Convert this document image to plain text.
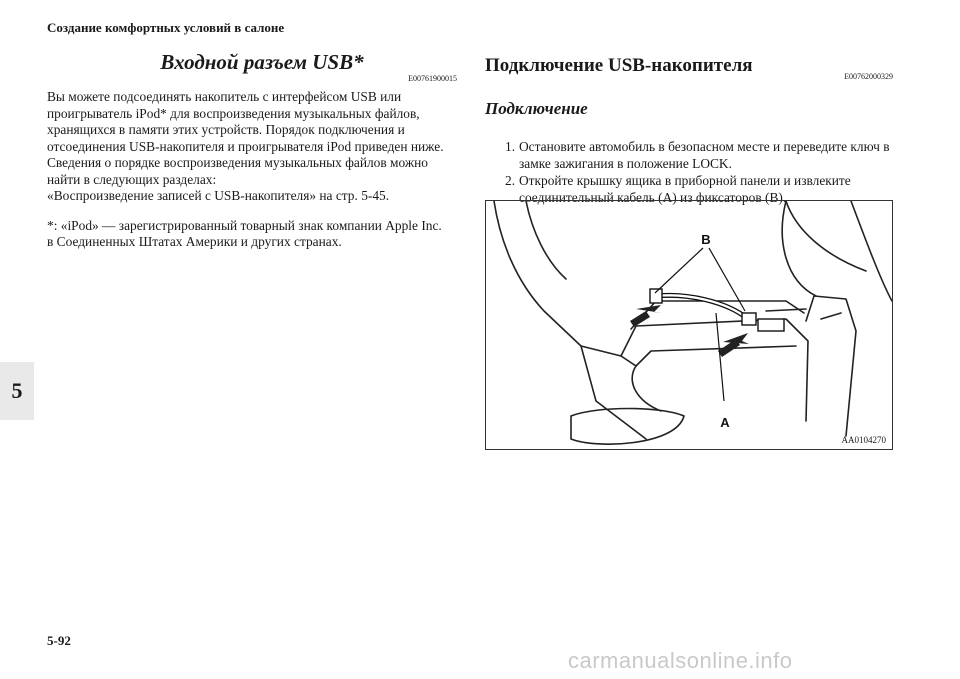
Создание комфортных условий в салоне
5
Входной разъем USB*
E00761900015

Вы можете подсоединять накопитель с интерфейсом USB или проигрыватель iPod* для воспроизведения музыкальных файлов, хранящихся в памяти этих устройств. Порядок подключения и отсоединения USB-накопителя и проигрывателя iPod приведен ниже. Сведения о порядке воспроизведения музыкальных файлов можно найти в следующих разделах:
«Воспроизведение записей с USB-накопителя» на стр. 5-45.

*: «iPod» — зарегистрированный товарный знак компании Apple Inc.
в Соединенных Штатах Америки и других странах.

Подключение USB-накопителя
E00762000329
Подключение
1. Остановите автомобиль в безопасном месте и переведите ключ в замке зажигания в положение LOCK.
2. Откройте крышку ящика в приборной панели и извлеките соединительный кабель (A) из фиксаторов (B).
B
A
AA0104270
5-92
carmanualsonline.info
